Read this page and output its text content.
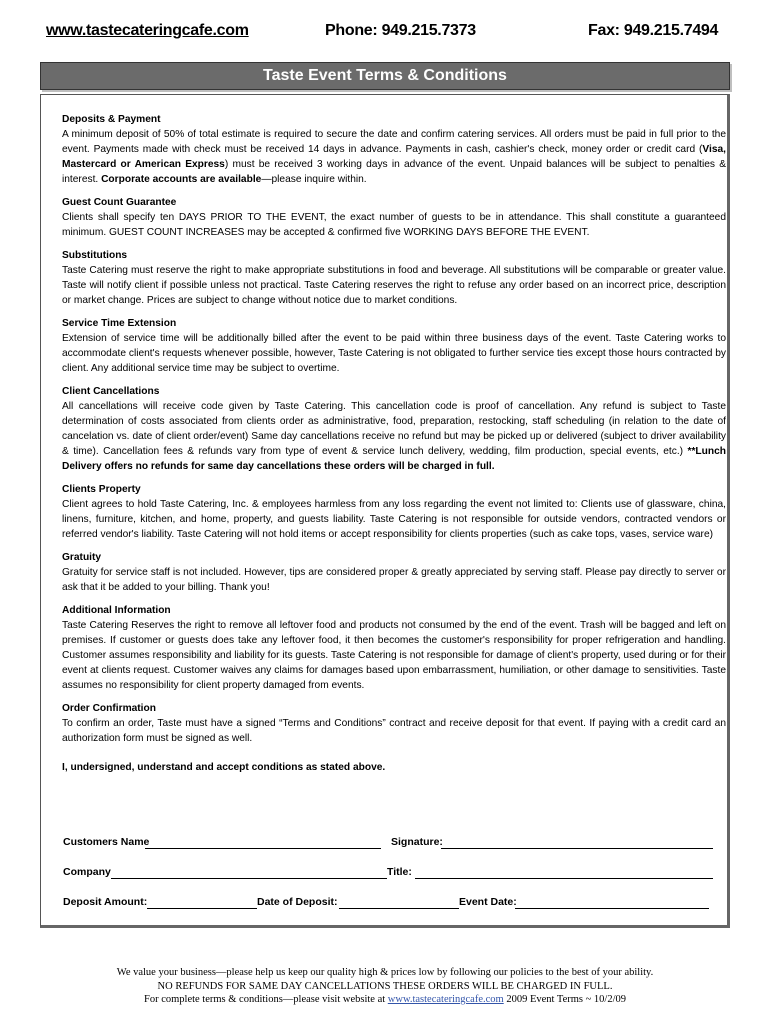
www.tastecateringcafe.com	Phone: 949.215.7373	Fax: 949.215.7494
Taste Event Terms & Conditions
Deposits & Payment
A minimum deposit of 50% of total estimate is required to secure the date and confirm catering services. All orders must be paid in full prior to the event. Payments made with check must be received 14 days in advance. Payments in cash, cashier's check, money order or credit card (Visa, Mastercard or American Express) must be received 3 working days in advance of the event. Unpaid balances will be subject to penalties & interest. Corporate accounts are available—please inquire within.
Guest Count Guarantee
Clients shall specify ten DAYS PRIOR TO THE EVENT, the exact number of guests to be in attendance. This shall constitute a guaranteed minimum. GUEST COUNT INCREASES may be accepted & confirmed five WORKING DAYS BEFORE THE EVENT.
Substitutions
Taste Catering must reserve the right to make appropriate substitutions in food and beverage. All substitutions will be comparable or greater value. Taste will notify client if possible unless not practical. Taste Catering reserves the right to refuse any order based on an incorrect price, description or market change. Prices are subject to change without notice due to market conditions.
Service Time Extension
Extension of service time will be additionally billed after the event to be paid within three business days of the event. Taste Catering works to accommodate client's requests whenever possible, however, Taste Catering is not obligated to further service ties except those hours contracted by client. Any additional service time may be subject to overtime.
Client Cancellations
All cancellations will receive code given by Taste Catering. This cancellation code is proof of cancellation. Any refund is subject to Taste determination of costs associated from clients order as administrative, food, preparation, restocking, staff scheduling (in relation to the date of cancelation vs. date of client order/event) Same day cancellations receive no refund but may be picked up or delivered (subject to driver availability & time). Cancellation fees & refunds vary from type of event & service lunch delivery, wedding, film production, special events, etc.) **Lunch Delivery offers no refunds for same day cancellations these orders will be charged in full.
Clients Property
Client agrees to hold Taste Catering, Inc. & employees harmless from any loss regarding the event not limited to: Clients use of glassware, china, linens, furniture, kitchen, and home, property, and guests liability. Taste Catering is not responsible for outside vendors, contracted vendors or referred vendor's liability. Taste Catering will not hold items or accept responsibility for clients properties (such as cake tops, vases, service ware)
Gratuity
Gratuity for service staff is not included. However, tips are considered proper & greatly appreciated by serving staff. Please pay directly to server or ask that it be added to your billing. Thank you!
Additional Information
Taste Catering Reserves the right to remove all leftover food and products not consumed by the end of the event. Trash will be bagged and left on premises. If customer or guests does take any leftover food, it then becomes the customer's responsibility for proper refrigeration and handling. Customer assumes responsibility and liability for its guests. Taste Catering is not responsible for damage of client's property, used during or for their event at clients request. Customer waives any claims for damages based upon embarrassment, humiliation, or other damage to sensitivities. Taste assumes no responsibility for client property damaged from events.
Order Confirmation
To confirm an order, Taste must have a signed “Terms and Conditions” contract and receive deposit for that event. If paying with a credit card an authorization form must be signed as well.
I, undersigned, understand and accept conditions as stated above.
Customers Name	Signature:
Company	Title:
Deposit Amount:	Date of Deposit:	Event Date:
We value your business—please help us keep our quality high & prices low by following our policies to the best of your ability.
NO REFUNDS FOR SAME DAY CANCELLATIONS THESE ORDERS WILL BE CHARGED IN FULL.
For complete terms & conditions—please visit website at www.tastecateringcafe.com 2009 Event Terms ~ 10/2/09
